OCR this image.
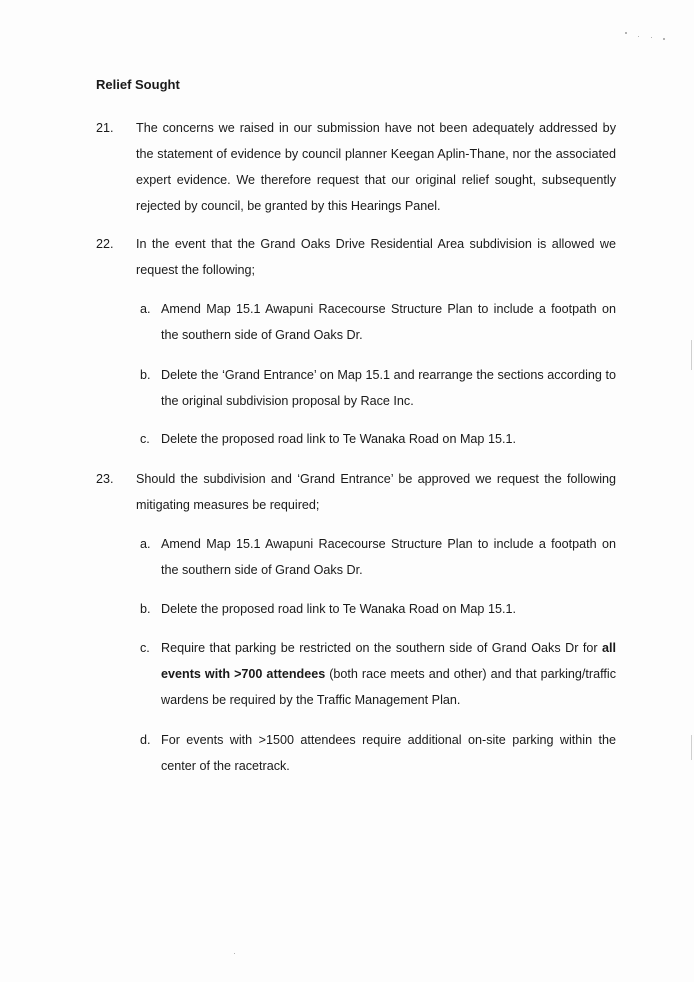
Relief Sought
21. The concerns we raised in our submission have not been adequately addressed by the statement of evidence by council planner Keegan Aplin-Thane, nor the associated expert evidence. We therefore request that our original relief sought, subsequently rejected by council, be granted by this Hearings Panel.
22. In the event that the Grand Oaks Drive Residential Area subdivision is allowed we request the following;
a. Amend Map 15.1 Awapuni Racecourse Structure Plan to include a footpath on the southern side of Grand Oaks Dr.
b. Delete the ‘Grand Entrance’ on Map 15.1 and rearrange the sections according to the original subdivision proposal by Race Inc.
c. Delete the proposed road link to Te Wanaka Road on Map 15.1.
23. Should the subdivision and ‘Grand Entrance’ be approved we request the following mitigating measures be required;
a. Amend Map 15.1 Awapuni Racecourse Structure Plan to include a footpath on the southern side of Grand Oaks Dr.
b. Delete the proposed road link to Te Wanaka Road on Map 15.1.
c. Require that parking be restricted on the southern side of Grand Oaks Dr for all events with >700 attendees (both race meets and other) and that parking/traffic wardens be required by the Traffic Management Plan.
d. For events with >1500 attendees require additional on-site parking within the center of the racetrack.
